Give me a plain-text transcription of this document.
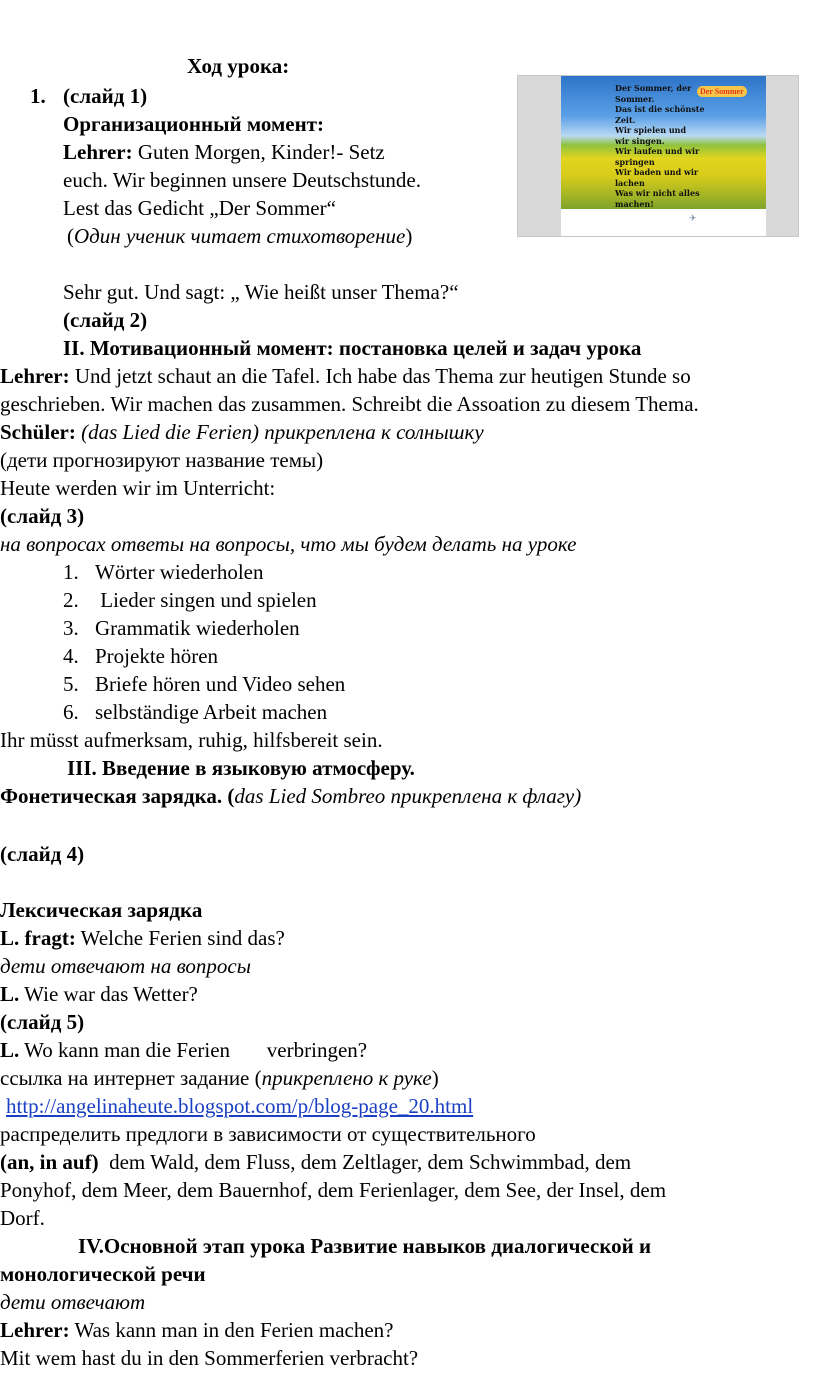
Ход урока:
1. (слайд 1)
Организационный момент:
Lehrer: Guten Morgen, Kinder!- Setz
euch. Wir beginnen unsere Deutschstunde.
Lest das Gedicht „Der Sommer“
(Один ученик читает стихотворение)
Der Sommer, der
Sommer.
Das ist die schönste
Zeit.
Wir spielen und
wir singen.
Wir laufen und wir
springen
Wir baden und wir
lachen
Was wir nicht alles
machen!
Der Sommer
✈
Sehr gut. Und sagt: „ Wie heißt unser Thema?“
(слайд 2)
II. Мотивационный момент: постановка целей и задач урока
Lehrer: Und jetzt schaut an die Tafel. Ich habe das Thema zur heutigen Stunde so
geschrieben. Wir machen das zusammen. Schreibt die Assoation zu diesem Thema.
Schüler: (das Lied die Ferien) прикреплена к солнышку
(дети прогнозируют название темы)
Heute werden wir im Unterricht:
(слайд 3)
на вопросах ответы на вопросы, что мы будем делать на уроке
1. Wörter wiederholen
2. Lieder singen und spielen
3. Grammatik wiederholen
4. Projekte hören
5. Briefe hören und Video sehen
6. selbständige Arbeit machen
Ihr müsst aufmerksam, ruhig, hilfsbereit sein.
III. Введение в языковую атмосферу.
Фонетическая зарядка. (das Lied Sombreo прикреплена к флагу)
(слайд 4)
Лексическая зарядка
L. fragt: Welche Ferien sind das?
дети отвечают на вопросы
L. Wie war das Wetter?
(слайд 5)
L. Wo kann man die Ferien       verbringen?
ссылка на интернет задание (прикреплено к руке)
http://angelinaheute.blogspot.com/p/blog-page_20.html
распределить предлоги в зависимости от существительного
(an, in auf)  dem Wald, dem Fluss, dem Zeltlager, dem Schwimmbad, dem
Ponyhof, dem Meer, dem Bauernhof, dem Ferienlager, dem See, der Insel, dem
Dorf.
IV.Основной этап урока Развитие навыков диалогической и
монологической речи
дети отвечают
Lehrer: Was kann man in den Ferien machen?
Mit wem hast du in den Sommerferien verbracht?
